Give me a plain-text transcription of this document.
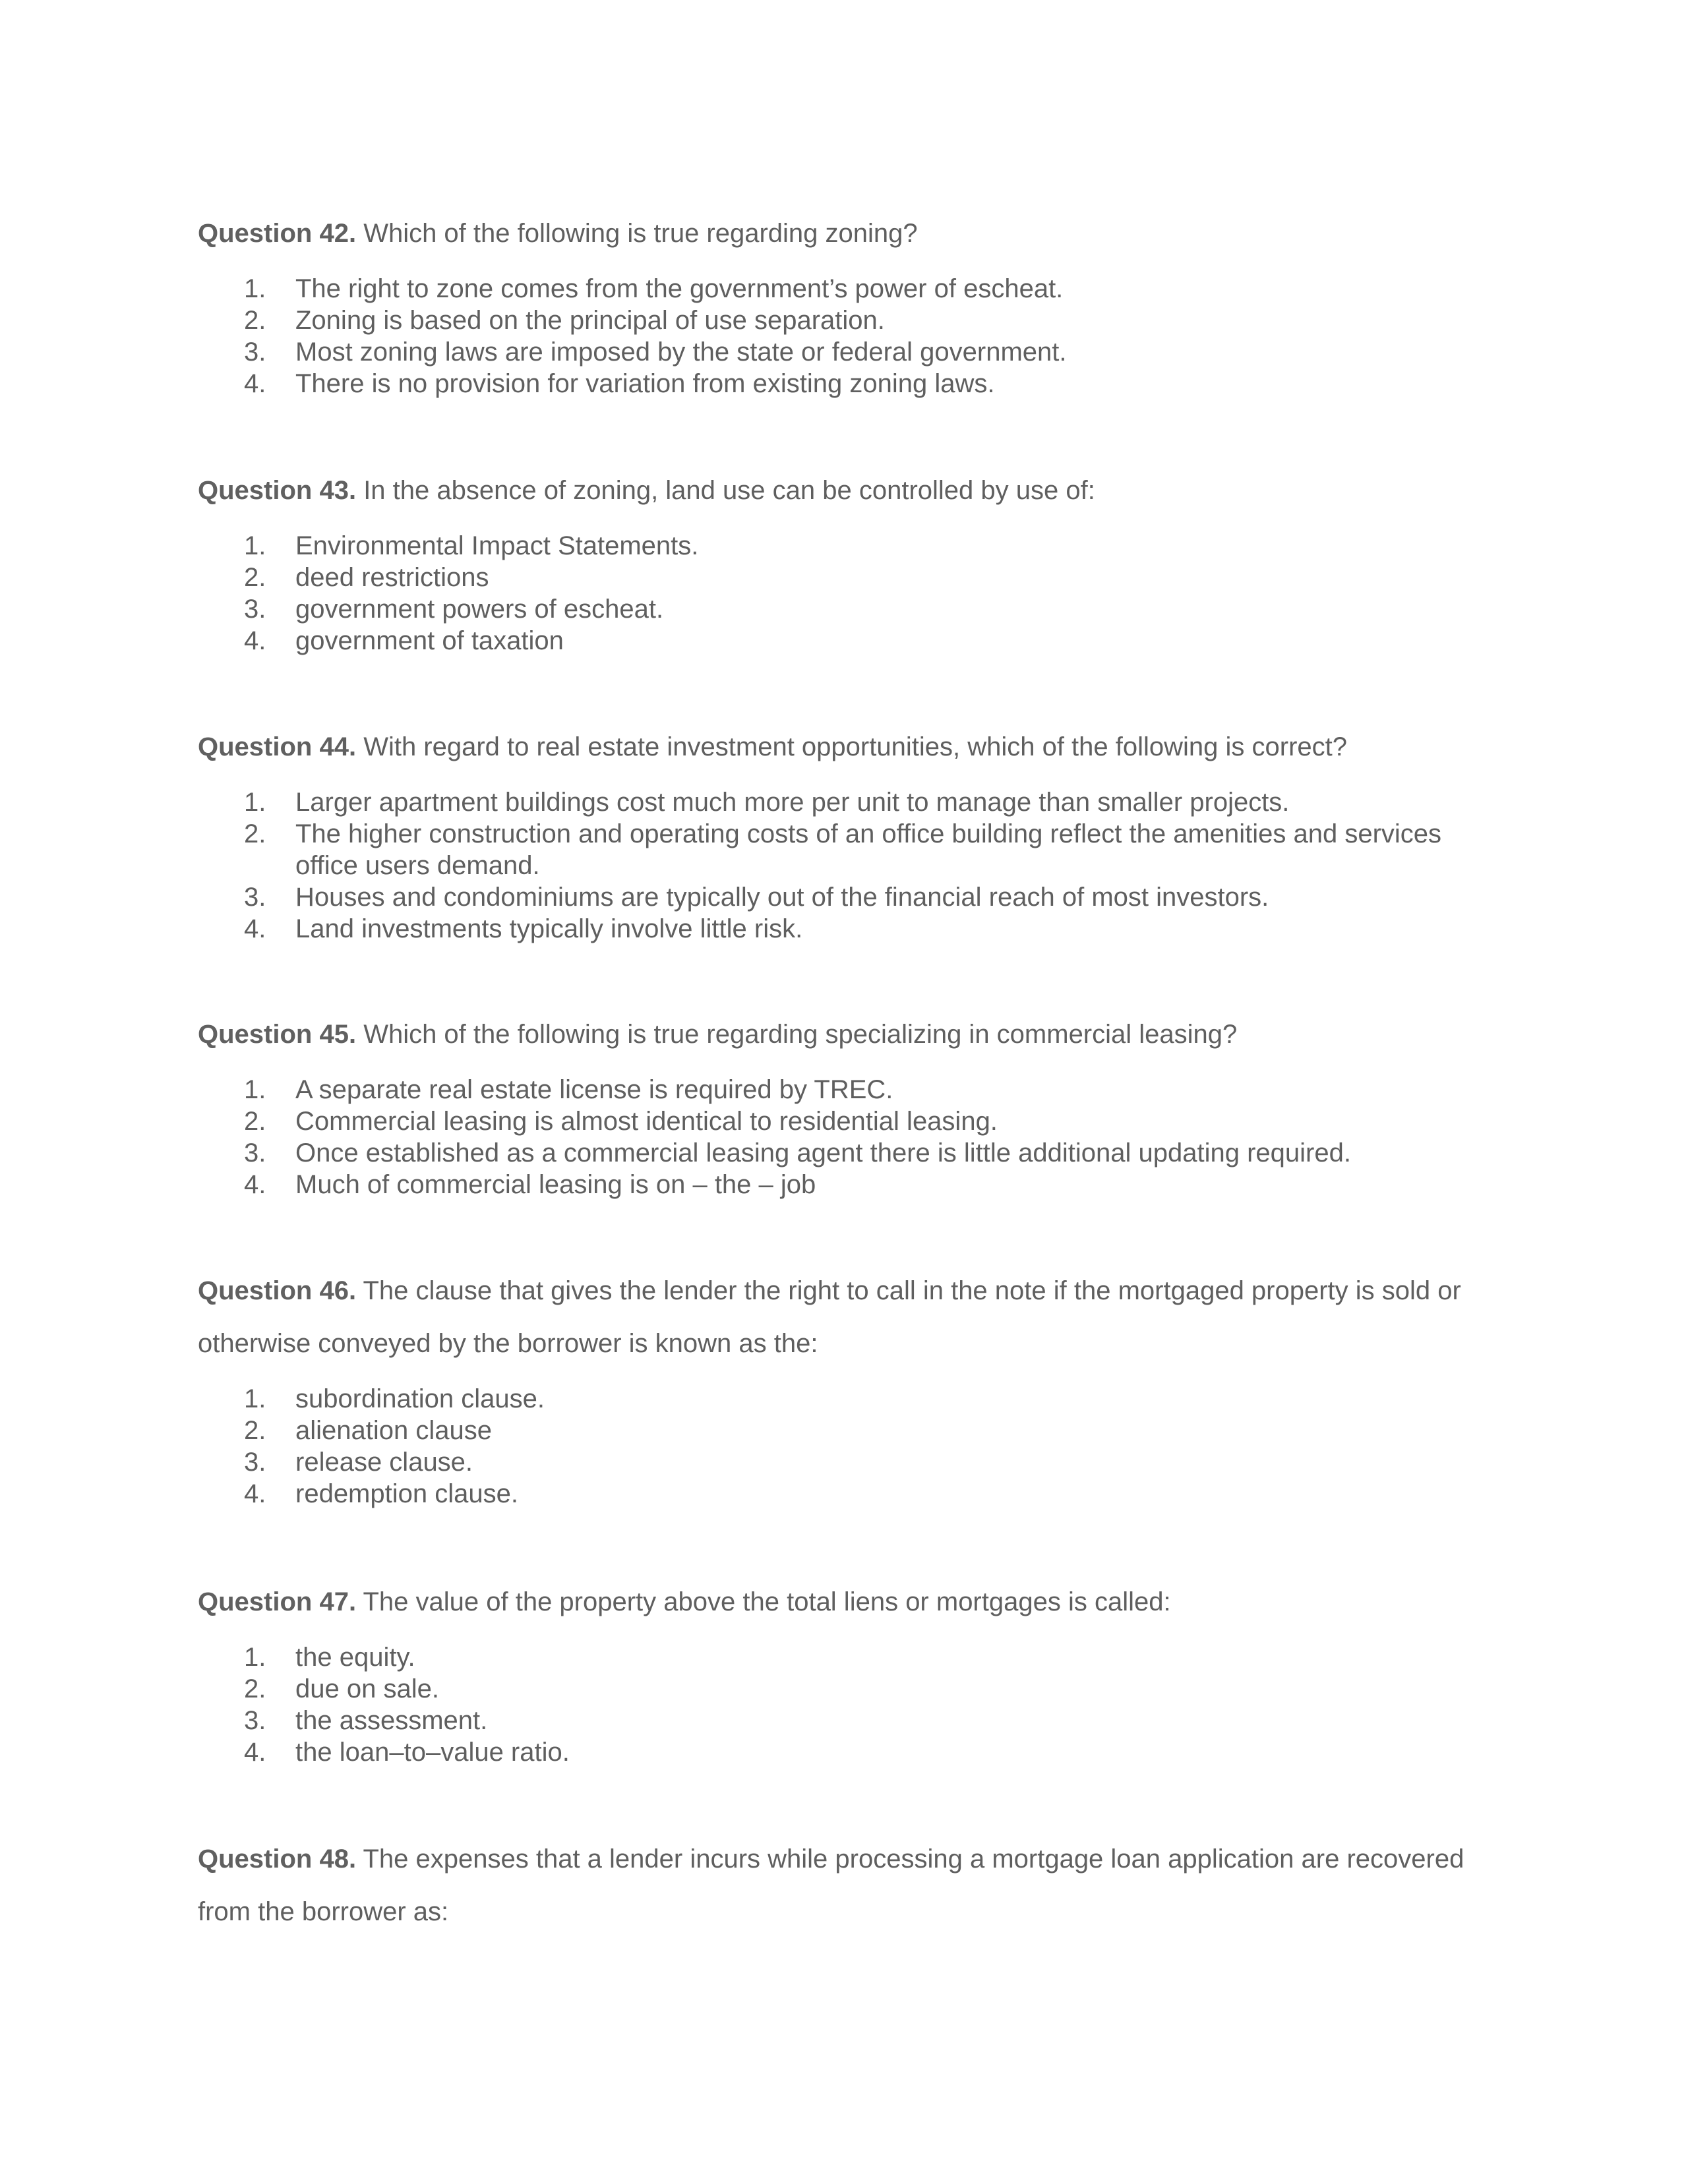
Question 42. Which of the following is true regarding zoning?

1. The right to zone comes from the government’s power of escheat.
2. Zoning is based on the principal of use separation.
3. Most zoning laws are imposed by the state or federal government.
4. There is no provision for variation from existing zoning laws.

Question 43. In the absence of zoning, land use can be controlled by use of:

1. Environmental Impact Statements.
2. deed restrictions
3. government powers of escheat.
4. government of taxation

Question 44. With regard to real estate investment opportunities, which of the following is correct?

1. Larger apartment buildings cost much more per unit to manage than smaller projects.
2. The higher construction and operating costs of an office building reflect the amenities and services office users demand.
3. Houses and condominiums are typically out of the financial reach of most investors.
4. Land investments typically involve little risk.

Question 45. Which of the following is true regarding specializing in commercial leasing?

1. A separate real estate license is required by TREC.
2. Commercial leasing is almost identical to residential leasing.
3. Once established as a commercial leasing agent there is little additional updating required.
4. Much of commercial leasing is on – the – job

Question 46. The clause that gives the lender the right to call in the note if the mortgaged property is sold or otherwise conveyed by the borrower is known as the:

1. subordination clause.
2. alienation clause
3. release clause.
4. redemption clause.

Question 47. The value of the property above the total liens or mortgages is called:

1. the equity.
2. due on sale.
3. the assessment.
4. the loan–to–value ratio.

Question 48. The expenses that a lender incurs while processing a mortgage loan application are recovered from the borrower as:
